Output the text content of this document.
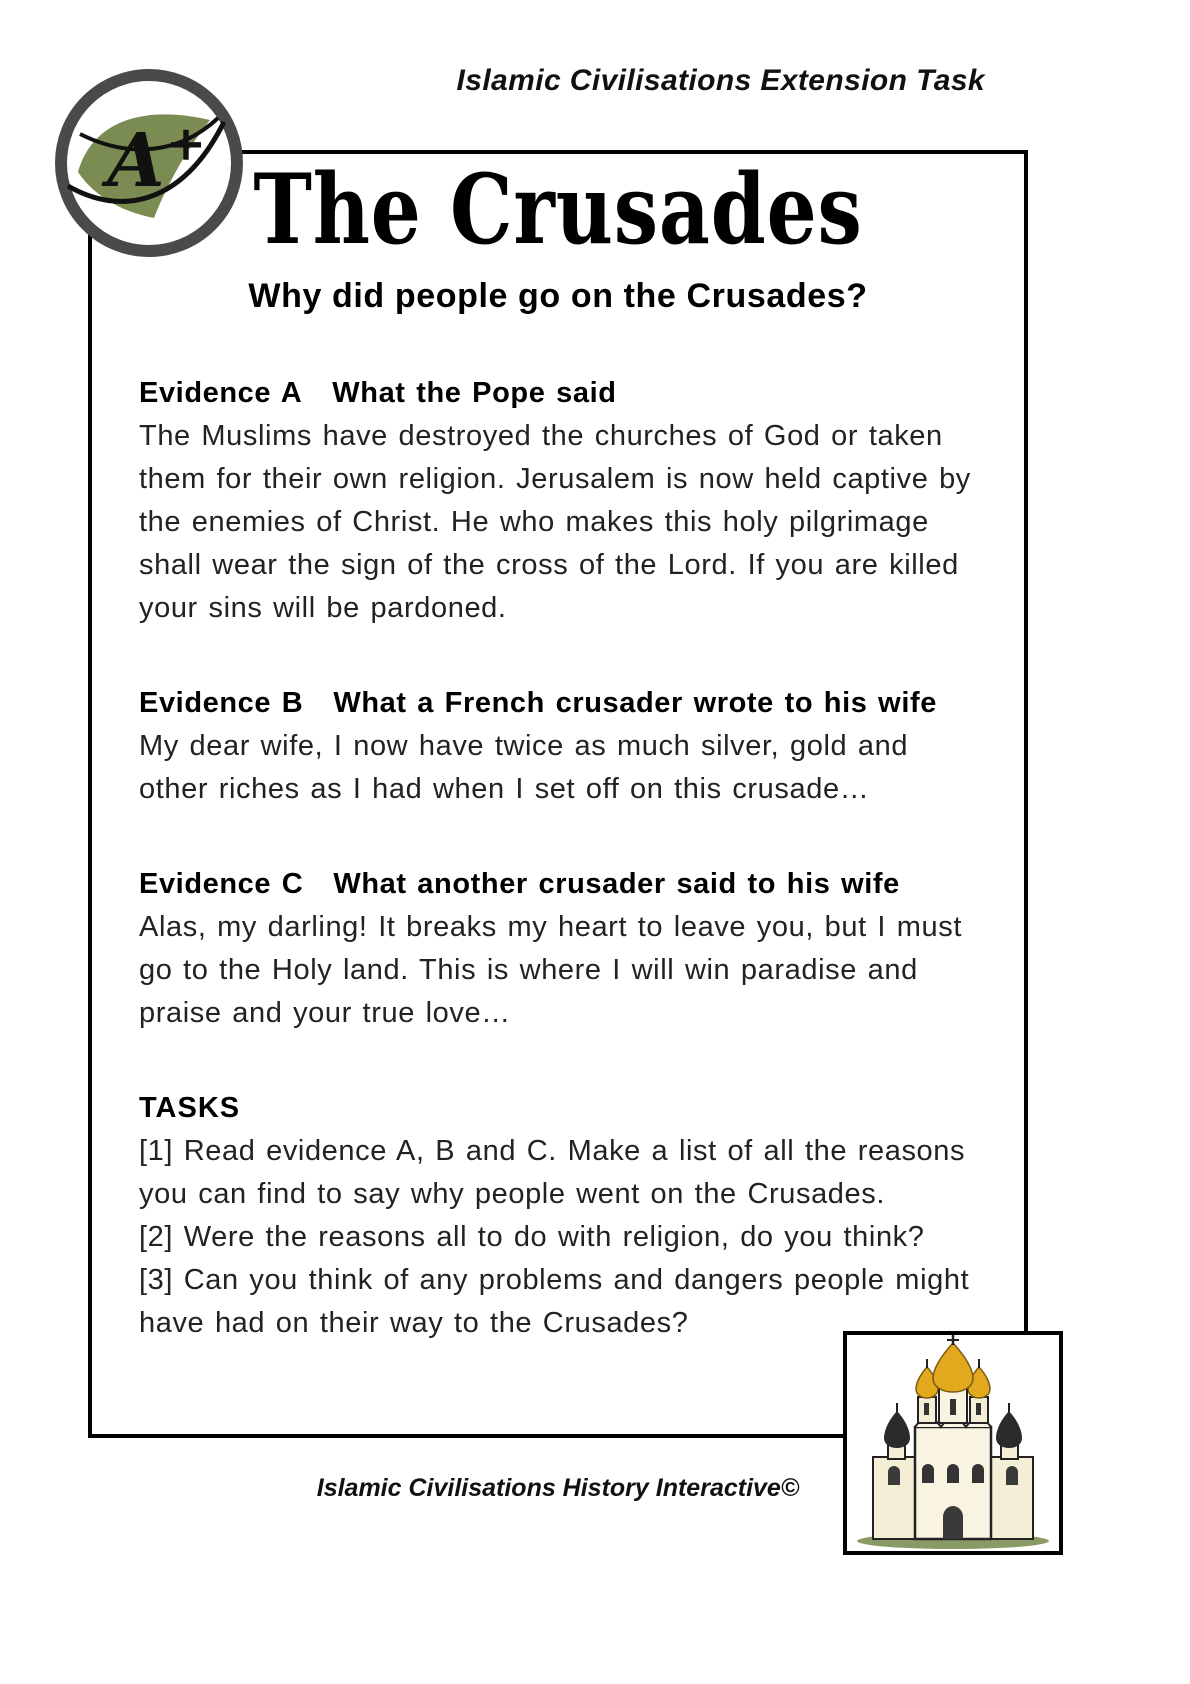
Islamic Civilisations Extension Task
A +
The Crusades
Why did people go on the Crusades?

Evidence A What the Pope said

The Muslims have destroyed the churches of God or taken them for their own religion. Jerusalem is now held captive by the enemies of Christ. He who makes this holy pilgrimage shall wear the sign of the cross of the Lord. If you are killed your sins will be pardoned.

Evidence B What a French crusader wrote to his wife

My dear wife, I now have twice as much silver, gold and other riches as I had when I set off on this crusade…

Evidence C What another crusader said to his wife

Alas, my darling! It breaks my heart to leave you, but I must go to the Holy land. This is where I will win paradise and praise and your true love…

TASKS

[1] Read evidence A, B and C. Make a list of all the reasons you can find to say why people went on the Crusades.

[2] Were the reasons all to do with religion, do you think?

[3] Can you think of any problems and dangers people might have had on their way to the Crusades?

Islamic Civilisations History Interactive©
